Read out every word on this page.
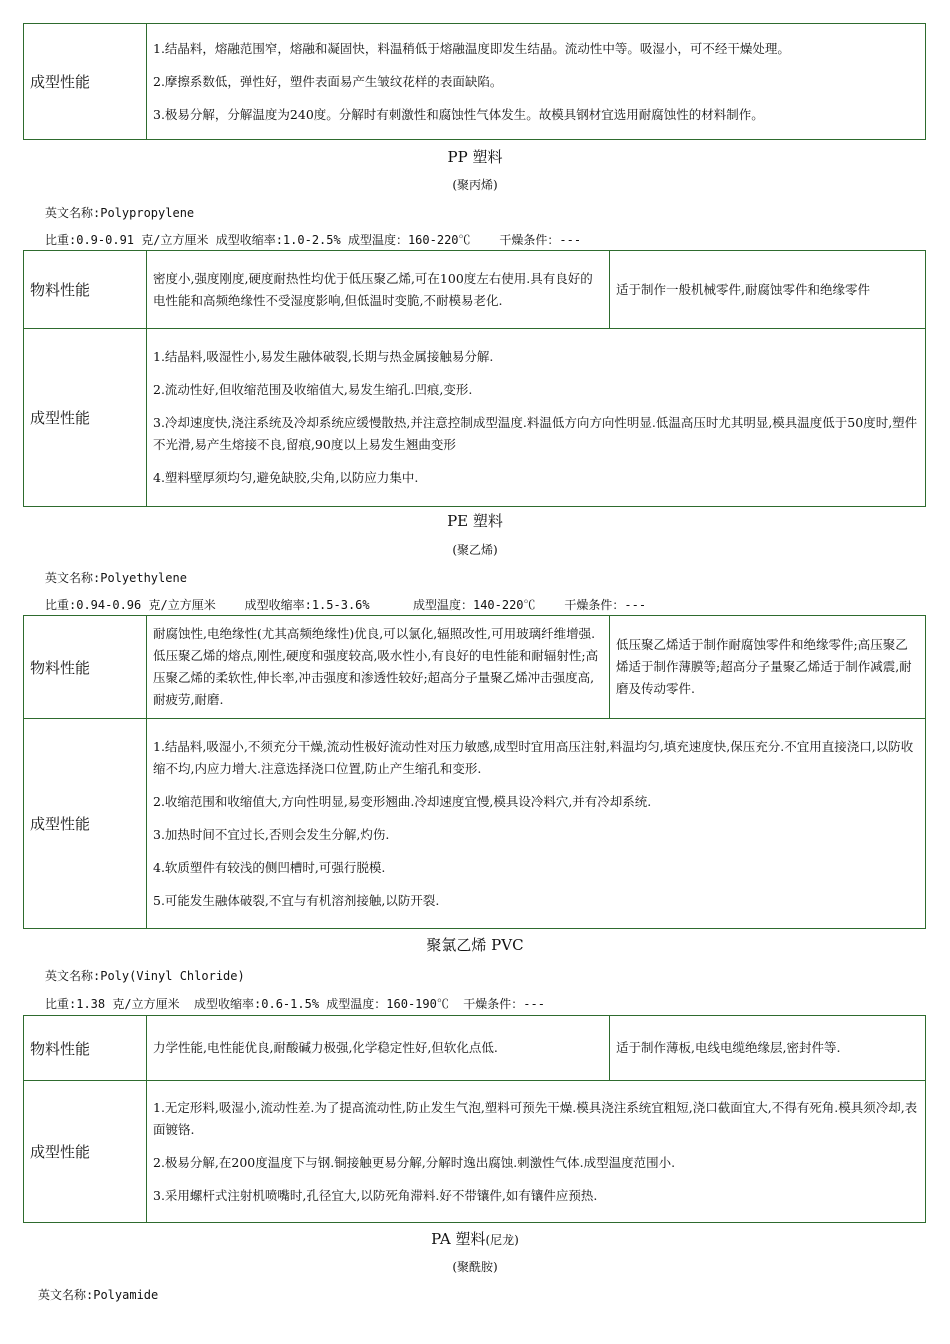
成型性能	

1.结晶料，熔融范围窄，熔融和凝固快，料温稍低于熔融温度即发生结晶。流动性中等。吸湿小，可不经干燥处理。

2.摩擦系数低，弹性好，塑件表面易产生皱纹花样的表面缺陷。

3.极易分解，分解温度为240度。分解时有刺激性和腐蚀性气体发生。故模具钢材宜选用耐腐蚀性的材料制作。

PP 塑料
(聚丙烯)
英文名称:Polypropylene
比重:0.9-0.91 克/立方厘米 成型收缩率:1.0-2.5% 成型温度：160-220℃    干燥条件：---
物料性能	密度小,强度刚度,硬度耐热性均优于低压聚乙烯,可在100度左右使用.具有良好的电性能和高频绝缘性不受湿度影响,但低温时变脆,不耐模易老化.	适于制作一般机械零件,耐腐蚀零件和绝缘零件
成型性能	1.结晶料,吸湿性小,易发生融体破裂,长期与热金属接触易分解.

2.流动性好,但收缩范围及收缩值大,易发生缩孔.凹痕,变形.

3.冷却速度快,浇注系统及冷却系统应缓慢散热,并注意控制成型温度.料温低方向方向性明显.低温高压时尤其明显,模具温度低于50度时,塑件不光滑,易产生熔接不良,留痕,90度以上易发生翘曲变形

4.塑料壁厚须均匀,避免缺胶,尖角,以防应力集中.	

PE 塑料
(聚乙烯)
英文名称:Polyethylene
比重:0.94-0.96 克/立方厘米    成型收缩率:1.5-3.6%      成型温度：140-220℃    干燥条件：---
物料性能	耐腐蚀性,电绝缘性(尤其高频绝缘性)优良,可以氯化,辐照改性,可用玻璃纤维增强.低压聚乙烯的熔点,刚性,硬度和强度较高,吸水性小,有良好的电性能和耐辐射性;高压聚乙烯的柔软性,伸长率,冲击强度和渗透性较好;超高分子量聚乙烯冲击强度高,耐疲劳,耐磨.	低压聚乙烯适于制作耐腐蚀零件和绝缘零件;高压聚乙烯适于制作薄膜等;超高分子量聚乙烯适于制作减震,耐磨及传动零件.
成型性能	1.结晶料,吸湿小,不须充分干燥,流动性极好流动性对压力敏感,成型时宜用高压注射,料温均匀,填充速度快,保压充分.不宜用直接浇口,以防收缩不均,内应力增大.注意选择浇口位置,防止产生缩孔和变形.

2.收缩范围和收缩值大,方向性明显,易变形翘曲.冷却速度宜慢,模具设冷料穴,并有冷却系统.

3.加热时间不宜过长,否则会发生分解,灼伤.

4.软质塑件有较浅的侧凹槽时,可强行脱模.

5.可能发生融体破裂,不宜与有机溶剂接触,以防开裂.	

聚氯乙烯 PVC
英文名称:Poly(Vinyl Chloride)
比重:1.38 克/立方厘米  成型收缩率:0.6-1.5% 成型温度：160-190℃  干燥条件：---
物料性能	力学性能,电性能优良,耐酸碱力极强,化学稳定性好,但软化点低.	适于制作薄板,电线电缆绝缘层,密封件等.
成型性能	1.无定形料,吸湿小,流动性差.为了提高流动性,防止发生气泡,塑料可预先干燥.模具浇注系统宜粗短,浇口截面宜大,不得有死角.模具须冷却,表面镀铬.

2.极易分解,在200度温度下与钢.铜接触更易分解,分解时逸出腐蚀.刺激性气体.成型温度范围小.

3.采用螺杆式注射机喷嘴时,孔径宜大,以防死角滞料.好不带镶件,如有镶件应预热.	

PA 塑料(尼龙)
(聚酰胺)
英文名称:Polyamide
